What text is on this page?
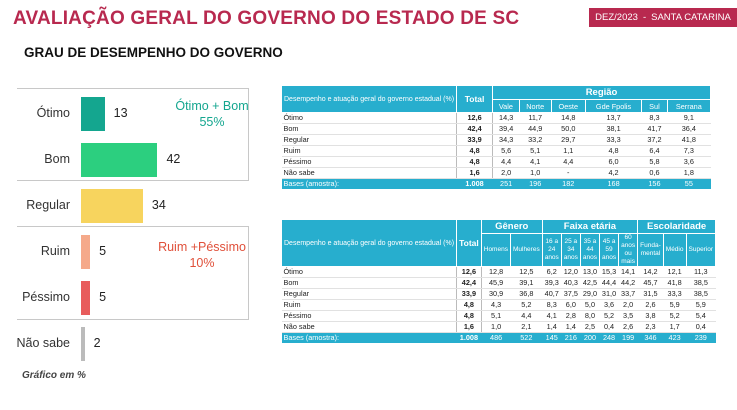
AVALIAÇÃO GERAL DO GOVERNO DO ESTADO DE SC
GRAU DE DESEMPENHO DO GOVERNO
DEZ/2023 - SANTA CATARINA
Ótimo	13
Bom	42
Regular	34
Ruim 5
Péssimo 5
Não sabe 2
Ótimo + Bom
55%
Ruim +Péssimo
10%
Gráfico em %
Desempenho e atuação geral do governo estadual (%)	Total	Região					
		Vale	Norte	Oeste	Gde Fpolis	Sul	Serrana
Ótimo	12,6	14,3	11,7	14,8	13,7	8,3	9,1
Bom	42,4	39,4	44,9	50,0	38,1	41,7	36,4
Regular	33,9	34,3	33,2	29,7	33,3	37,2	41,8
Ruim	4,8	5,6	5,1	1,1	4,8	6,4	7,3
Péssimo	4,8	4,4	4,1	4,4	6,0	5,8	3,6
Não sabe	1,6	2,0	1,0	-	4,2	0,6	1,8
Bases (amostra):	1.008	251	196	182	168	156	55
Desempenho e atuação geral do governo estadual (%)	Total	Gênero		Faixa etária					Escolaridade		
		Homens	Mulheres	16 a 24 anos	25 a 34 anos	35 a 44 anos	45 a 59 anos	60 anos ou mais	Funda- mental	Médio	Superior
Ótimo	12,6	12,8	12,5	6,2	12,0	13,0	15,3	14,1	14,2	12,1	11,3
Bom	42,4	45,9	39,1	39,3	40,3	42,5	44,4	44,2	45,7	41,8	38,5
Regular	33,9	30,9	36,8	40,7	37,5	29,0	31,0	33,7	31,5	33,3	38,5
Ruim	4,8	4,3	5,2	8,3	6,0	5,0	3,6	2,0	2,6	5,9	5,9
Péssimo	4,8	5,1	4,4	4,1	2,8	8,0	5,2	3,5	3,8	5,2	5,4
Não sabe	1,6	1,0	2,1	1,4	1,4	2,5	0,4	2,6	2,3	1,7	0,4
Bases (amostra):	1.008	486	522	145	216	200	248	199	346	423	239
